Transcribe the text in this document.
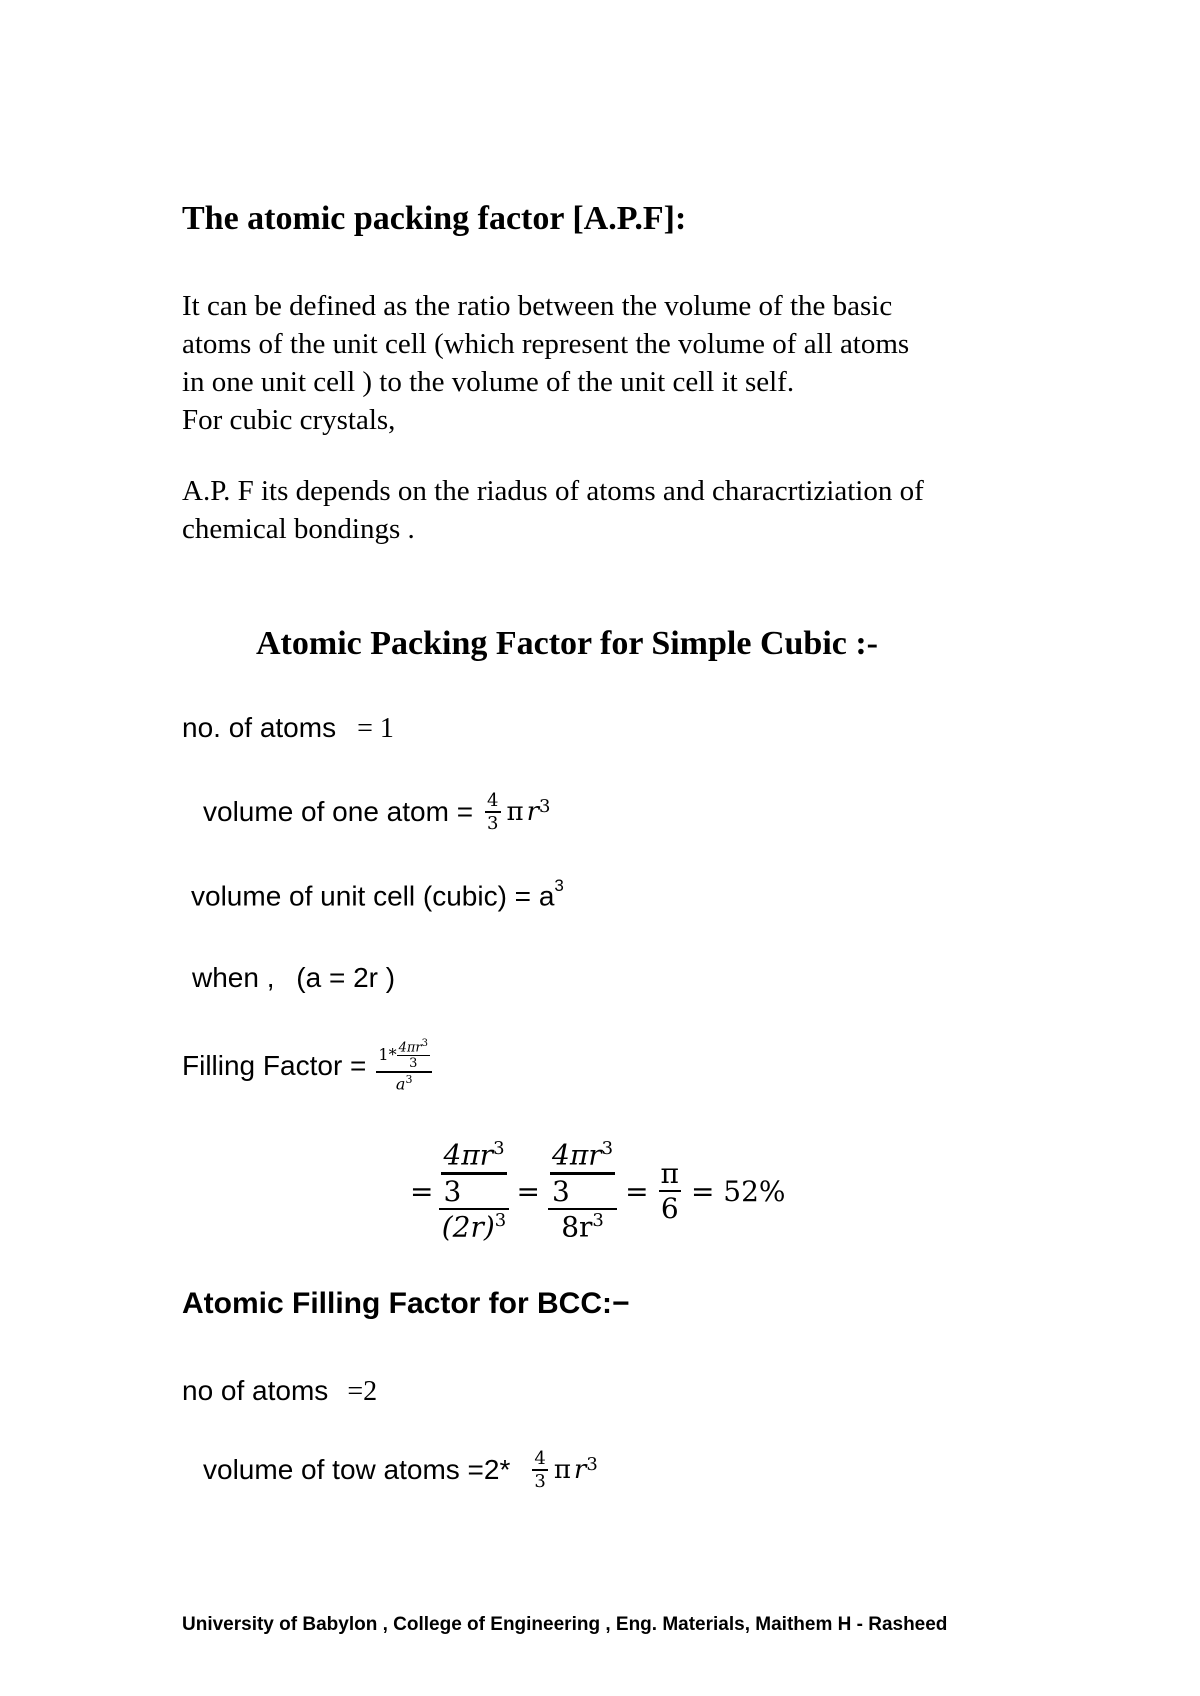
The atomic packing factor [A.P.F]:
It can be defined as the ratio between the volume of the basic
atoms of the unit cell (which represent the volume of all atoms
in one unit cell ) to the volume of the unit cell it self.
For cubic crystals,
A.P. F its depends on the riadus of atoms and characrtiziation of
chemical bondings .
Atomic Packing Factor for Simple Cubic :-
no. of atoms = 1
volume of one atom = $\frac{4}{3}$ π $r^3$
volume of unit cell (cubic) = $a^3$
when , (a = 2r )
Filling Factor = $\frac{1* \frac{4\pi r^3}{3}}{a^3}$
= $\frac{\frac{4\pi r^3}{3}}{(2r)^3} = \frac{\frac{4\pi r^3}{3}}{8r^3} = \frac{\pi}{6} = 52\%$
Atomic Filling Factor for BCC:−
no of atoms =2
volume of tow atoms $=2* \frac{4}{3}$ π $r^3$
University of Babylon , College of Engineering , Eng. Materials, Maithem H - Rasheed
